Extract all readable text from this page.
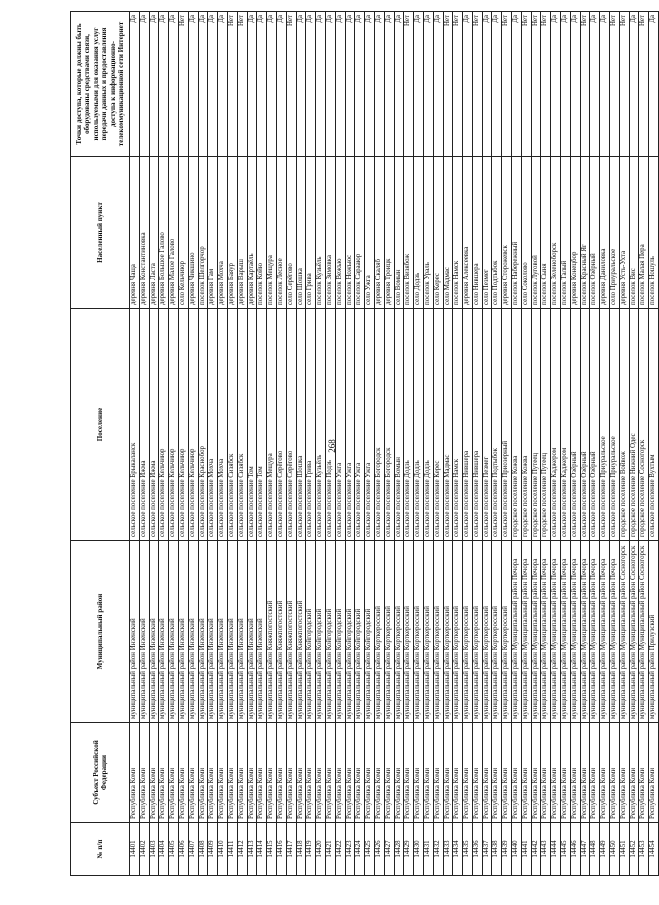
268
№ п/п	Субъект Российской Федерации	Муниципальный район	Поселение	Населенный пункт	Точки доступа, которые должны быть оборудованы средствами связи, используемыми для оказания услуг передачи данных и предоставления доступа к информационно-телекоммуникационной сети Интернет
14401	Республика Коми	муниципальный район Инзенский	сельское поселение Брыкаланск	деревня Чаща	Да
14402	Республика Коми	муниципальный район Инзенский	сельское поселение Ижма	деревня Константиновка	Да
14403	Республика Коми	муниципальный район Инзенский	сельское поселение Ижма	деревня Ласта	Да
14404	Республика Коми	муниципальный район Инзенский	сельское поселение Кельчиюр	деревня Большое Галово	Да
14405	Республика Коми	муниципальный район Инзенский	сельское поселение Кельчиюр	деревня Малое Галово	Да
14406	Республика Коми	муниципальный район Инзенский	сельское поселение Кельчиюр	село Кельчиюр	Нет
14407	Республика Коми	муниципальный район Инзенский	сельское поселение Кельчиюр	деревня Чикшино	Да
14408	Республика Коми	муниципальный район Инзенский	сельское поселение Краснобор	поселок Шелгорчор	Да
14409	Республика Коми	муниципальный район Инзенский	сельское поселение Мохча	деревня Гам	Да
14410	Республика Коми	муниципальный район Инзенский	сельское поселение Мохча	деревня Мохча	Да
14411	Республика Коми	муниципальный район Инзенский	сельское поселение Сизябск	деревня Баяур	Нет
14412	Республика Коми	муниципальный район Инзенский	сельское поселение Сизябск	деревня Варыш	Нет
14413	Республика Коми	муниципальный район Инзенский	сельское поселение Том	деревня Картаёль	Да
14414	Республика Коми	муниципальный район Инзенский	сельское поселение Том	поселок Койю	Да
14415	Республика Коми	муниципальный район Княжпогостский	сельское поселение Мещура	поселок Мещура	Да
14416	Республика Коми	муниципальный район Княжпогостский	сельское поселение Серёгово	поселок Лесное	Да
14417	Республика Коми	муниципальный район Княжпогостский	сельское поселение Серёгово	село Серёгово	Нет
14418	Республика Коми	муниципальный район Княжпогостский	сельское поселение Шошка	село Шошка	Да
14419	Республика Коми	муниципальный район Койгородский	сельское поселение Грива	село Грива	Да
14420	Республика Коми	муниципальный район Койгородский	сельское поселение Кузьёль	поселок Кузьёль	Да
14421	Республика Коми	муниципальный район Койгородский	сельское поселение Подзь	поселок Зимовка	Да
14422	Республика Коми	муниципальный район Койгородский	сельское поселение Ужга	поселок Вежъю	Да
14423	Республика Коми	муниципальный район Койгородский	сельское поселение Ужга	поселок Ножъюс	Да
14424	Республика Коми	муниципальный район Койгородский	сельское поселение Ужга	поселок Сарааюр	Да
14425	Республика Коми	муниципальный район Койгородский	сельское поселение Ужга	село Ужга	Да
14426	Республика Коми	муниципальный район Корткеросский	сельское поселение Богородск	деревня Скаляб	Да
14427	Республика Коми	муниципальный район Корткеросский	сельское поселение Богородск	деревня Троицк	Да
14428	Республика Коми	муниципальный район Корткеросский	сельское поселение Вомын	село Вомын	Да
14429	Республика Коми	муниципальный район Корткеросский	сельское поселение Додзь	поселок Визябож	Нет
14430	Республика Коми	муниципальный район Корткеросский	сельское поселение Додзь	село Додзь	Да
14431	Республика Коми	муниципальный район Корткеросский	сельское поселение Додзь	поселок Ураль	Да
14432	Республика Коми	муниципальный район Корткеросский	сельское поселение Керес	село Керес	Да
14433	Республика Коми	муниципальный район Корткеросский	сельское поселение Мадмас	село Мадмас	Нет
14434	Республика Коми	муниципальный район Корткеросский	сельское поселение Намск	поселок Намск	Нет
14435	Республика Коми	муниципальный район Корткеросский	сельское поселение Нившера	деревня Алексеевка	Да
14436	Республика Коми	муниципальный район Корткеросский	сельское поселение Нившера	село Нившера	Нет
14437	Республика Коми	муниципальный район Корткеросский	сельское поселение Пезмег	село Пезмег	Да
14438	Республика Коми	муниципальный район Корткеросский	сельское поселение Подтыбок	село Подтыбок	Да
14439	Республика Коми	муниципальный район Корткеросский	сельское поселение Приозерный	деревня Сторожевск	Нет
14440	Республика Коми	муниципальный район Муниципальный район Печора	городское поселение Кожва	поселок Набережный	Да
14441	Республика Коми	муниципальный район Муниципальный район Печора	городское поселение Кожва	село Соколово	Нет
14442	Республика Коми	муниципальный район Муниципальный район Печора	городское поселение Путеец	поселок Луговой	Нет
14443	Республика Коми	муниципальный район Муниципальный район Печора	городское поселение Путеец	поселок Сыня	Нет
14444	Республика Коми	муниципальный район Муниципальный район Печора	сельское поселение Каджером	поселок Зеленоборск	Да
14445	Республика Коми	муниципальный район Муниципальный район Печора	сельское поселение Каджером	поселок Талый	Да
14446	Республика Коми	муниципальный район Муниципальный район Печора	сельское поселение Озёрный	деревня Конецбор	Да
14447	Республика Коми	муниципальный район Муниципальный район Печора	сельское поселение Озёрный	поселок Красный Яг	Нет
14448	Республика Коми	муниципальный район Муниципальный район Печора	сельское поселение Озёрный	поселок Озёрный	Да
14449	Республика Коми	муниципальный район Муниципальный район Печора	сельское поселение Приуральское	деревня Даниловка	Да
14450	Республика Коми	муниципальный район Муниципальный район Печора	сельское поселение Приуральское	село Приуральское	Нет
14451	Республика Коми	муниципальный район Муниципальный район Сосногорск	городское поселение Войвож	деревня Усть-Ухта	Нет
14452	Республика Коми	муниципальный район Муниципальный район Сосногорск	городское поселение Нижний Одес	поселок Вис	Да
14453	Республика Коми	муниципальный район Муниципальный район Сосногорск	городское поселение Сосногорск	поселок Малая Пера	Нет
14454	Республика Коми	муниципальный район Прилузский	сельское поселение Вухтым	поселок Ношуль	Да
